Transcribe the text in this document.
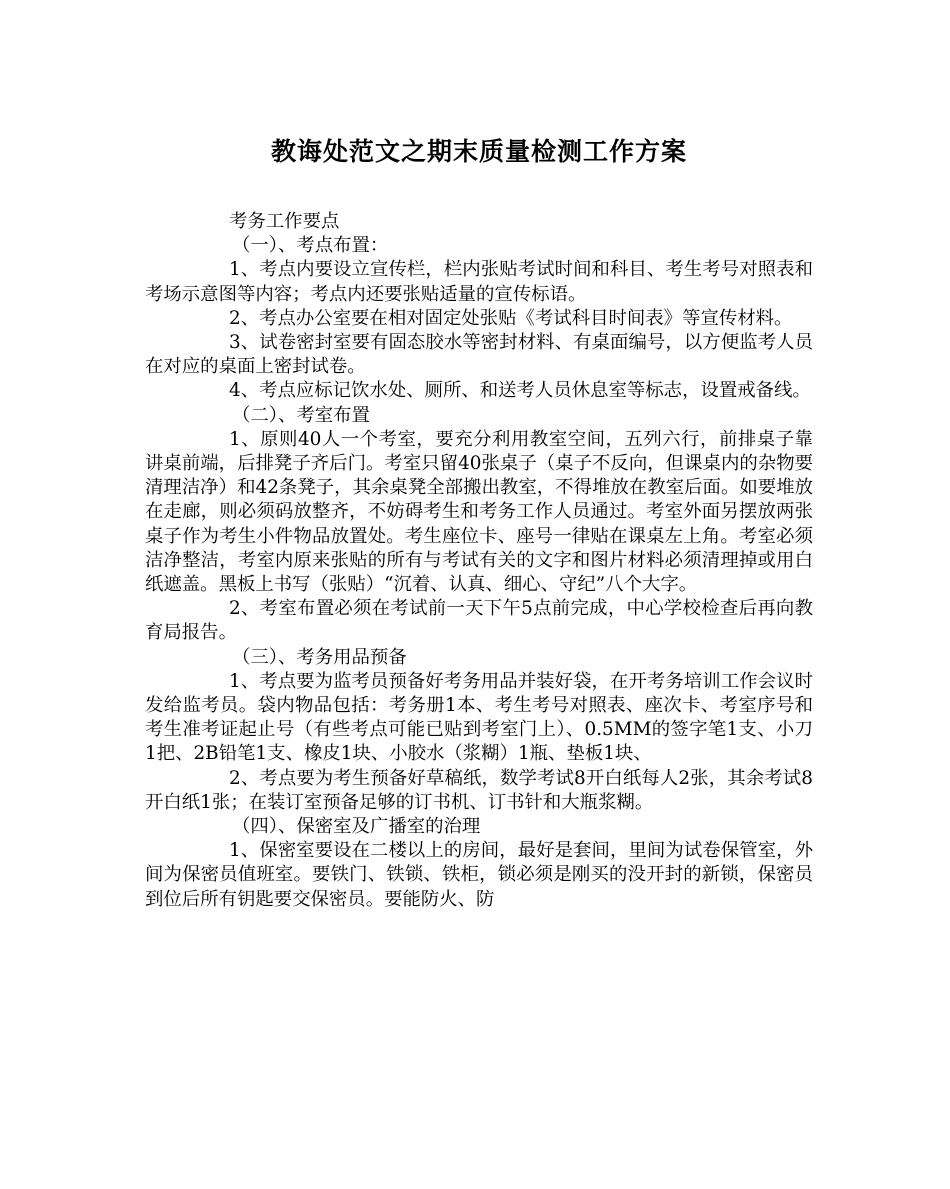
教诲处范文之期末质量检测工作方案

考务工作要点

（一）、考点布置：

1、考点内要设立宣传栏，栏内张贴考试时间和科目、考生考号对照表和考场示意图等内容；考点内还要张贴适量的宣传标语。

2、考点办公室要在相对固定处张贴《考试科目时间表》等宣传材料。

3、试卷密封室要有固态胶水等密封材料、有桌面编号，以方便监考人员在对应的桌面上密封试卷。

4、考点应标记饮水处、厕所、和送考人员休息室等标志，设置戒备线。

（二）、考室布置

1、原则40人一个考室，要充分利用教室空间，五列六行，前排桌子靠讲桌前端，后排凳子齐后门。考室只留40张桌子（桌子不反向，但课桌内的杂物要清理洁净）和42条凳子，其余桌凳全部搬出教室，不得堆放在教室后面。如要堆放在走廊，则必须码放整齐，不妨碍考生和考务工作人员通过。考室外面另摆放两张桌子作为考生小件物品放置处。考生座位卡、座号一律贴在课桌左上角。考室必须洁净整洁，考室内原来张贴的所有与考试有关的文字和图片材料必须清理掉或用白纸遮盖。黑板上书写（张贴）“沉着、认真、细心、守纪”八个大字。

2、考室布置必须在考试前一天下午5点前完成，中心学校检查后再向教育局报告。

（三）、考务用品预备

1、考点要为监考员预备好考务用品并装好袋，在开考务培训工作会议时发给监考员。袋内物品包括：考务册1本、考生考号对照表、座次卡、考室序号和考生准考证起止号（有些考点可能已贴到考室门上）、0.5MM的签字笔1支、小刀1把、2B铅笔1支、橡皮1块、小胶水（浆糊）1瓶、垫板1块、

2、考点要为考生预备好草稿纸，数学考试8开白纸每人2张，其余考试8开白纸1张；在装订室预备足够的订书机、订书针和大瓶浆糊。

（四）、保密室及广播室的治理

1、保密室要设在二楼以上的房间，最好是套间，里间为试卷保管室，外间为保密员值班室。要铁门、铁锁、铁柜，锁必须是刚买的没开封的新锁，保密员到位后所有钥匙要交保密员。要能防火、防
